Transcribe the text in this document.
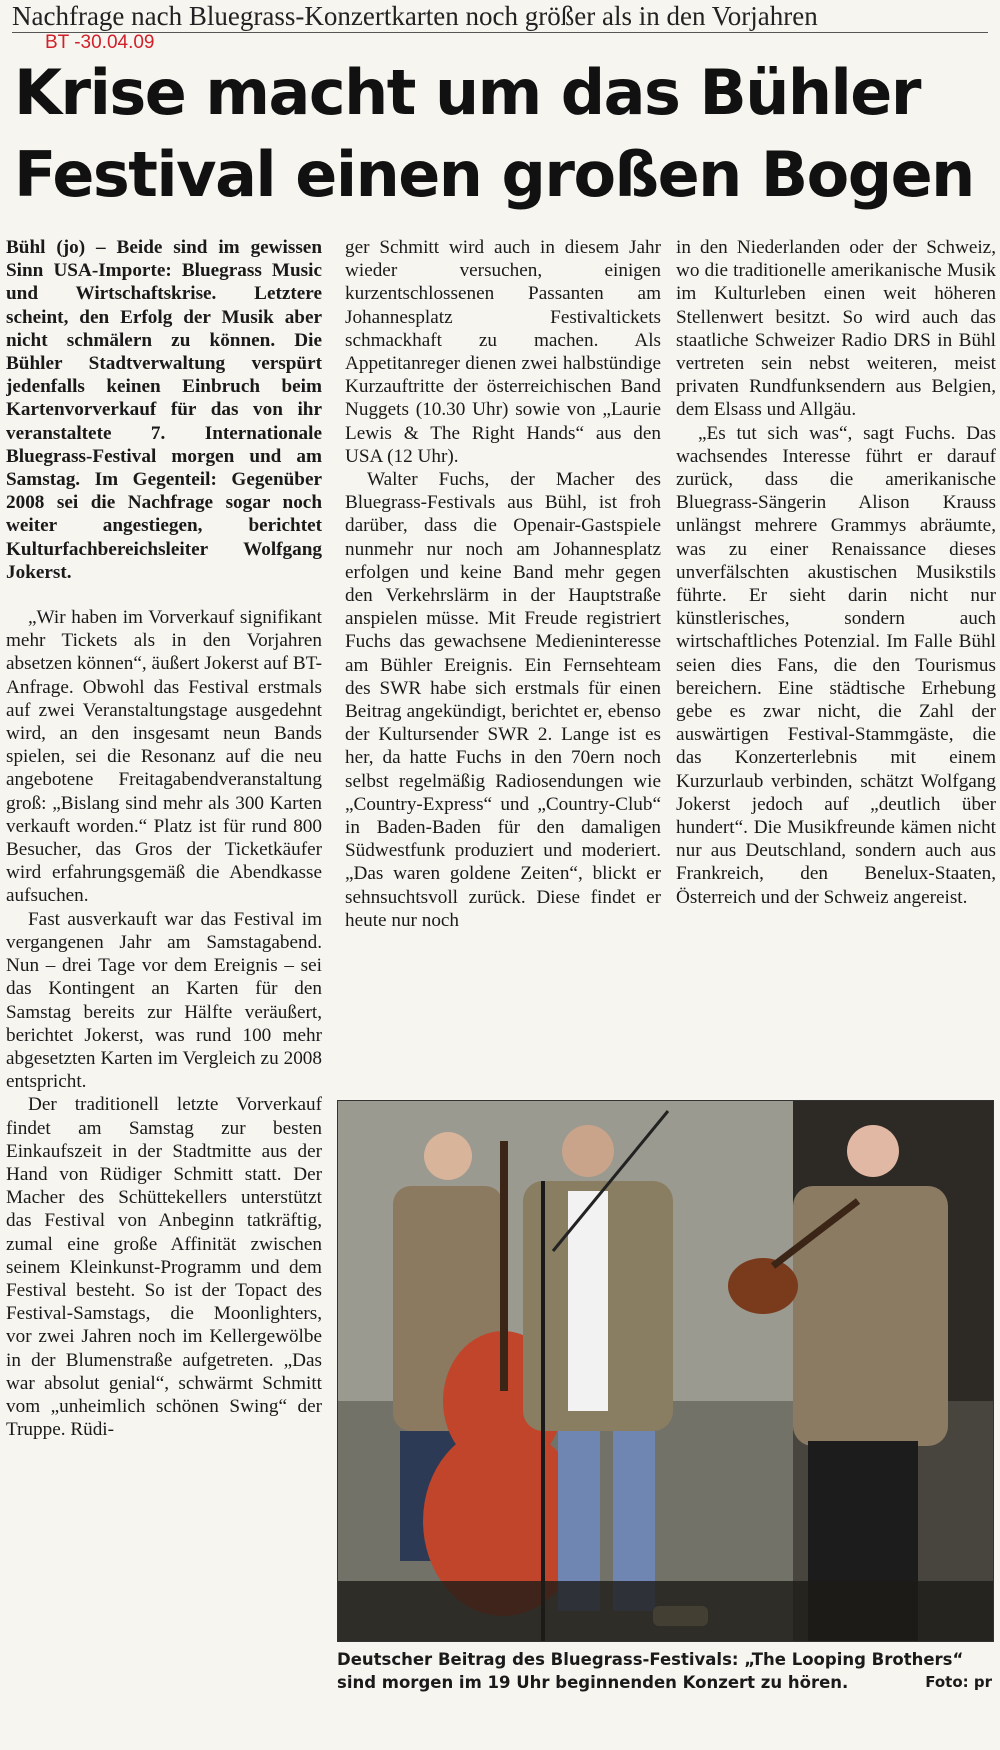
Nachfrage nach Bluegrass-Konzertkarten noch größer als in den Vorjahren
BT -30.04.09
Krise macht um das Bühler
Festival einen großen Bogen

Bühl (jo) – Beide sind im gewissen Sinn USA-Importe: Bluegrass Music und Wirtschaftskrise. Letztere scheint, den Erfolg der Musik aber nicht schmälern zu können. Die Bühler Stadtverwaltung verspürt jedenfalls keinen Einbruch beim Kartenvorverkauf für das von ihr veranstaltete 7. Internationale Bluegrass-Festival morgen und am Samstag. Im Gegenteil: Gegenüber 2008 sei die Nachfrage sogar noch weiter angestiegen, berichtet Kulturfachbereichsleiter Wolfgang Jokerst.

„Wir haben im Vorverkauf signifikant mehr Tickets als in den Vorjahren absetzen können“, äußert Jokerst auf BT-Anfrage. Obwohl das Festival erstmals auf zwei Veranstaltungstage ausgedehnt wird, an den insgesamt neun Bands spielen, sei die Resonanz auf die neu angebotene Freitagabendveranstaltung groß: „Bislang sind mehr als 300 Karten verkauft worden.“ Platz ist für rund 800 Besucher, das Gros der Ticketkäufer wird erfahrungsgemäß die Abendkasse aufsuchen.

Fast ausverkauft war das Festival im vergangenen Jahr am Samstagabend. Nun – drei Tage vor dem Ereignis – sei das Kontingent an Karten für den Samstag bereits zur Hälfte veräußert, berichtet Jokerst, was rund 100 mehr abgesetzten Karten im Vergleich zu 2008 entspricht.

Der traditionell letzte Vorverkauf findet am Samstag zur besten Einkaufszeit in der Stadtmitte aus der Hand von Rüdiger Schmitt statt. Der Macher des Schüttekellers unterstützt das Festival von Anbeginn tatkräftig, zumal eine große Affinität zwischen seinem Kleinkunst-Programm und dem Festival besteht. So ist der Topact des Festival-Samstags, die Moonlighters, vor zwei Jahren noch im Kellergewölbe in der Blumenstraße aufgetreten. „Das war absolut genial“, schwärmt Schmitt vom „unheimlich schönen Swing“ der Truppe. Rüdi-

ger Schmitt wird auch in diesem Jahr wieder versuchen, einigen kurzentschlossenen Passanten am Johannesplatz Festivaltickets schmackhaft zu machen. Als Appetitanreger dienen zwei halbstündige Kurzauftritte der österreichischen Band Nuggets (10.30 Uhr) sowie von „Laurie Lewis & The Right Hands“ aus den USA (12 Uhr).

Walter Fuchs, der Macher des Bluegrass-Festivals aus Bühl, ist froh darüber, dass die Openair-Gastspiele nunmehr nur noch am Johannesplatz erfolgen und keine Band mehr gegen den Verkehrslärm in der Hauptstraße anspielen müsse. Mit Freude registriert Fuchs das gewachsene Medieninteresse am Bühler Ereignis. Ein Fernsehteam des SWR habe sich erstmals für einen Beitrag angekündigt, berichtet er, ebenso der Kultursender SWR 2. Lange ist es her, da hatte Fuchs in den 70ern noch selbst regelmäßig Radiosendungen wie „Country-Express“ und „Country-Club“ in Baden-Baden für den damaligen Südwestfunk produziert und moderiert. „Das waren goldene Zeiten“, blickt er sehnsuchtsvoll zurück. Diese findet er heute nur noch

in den Niederlanden oder der Schweiz, wo die traditionelle amerikanische Musik im Kulturleben einen weit höheren Stellenwert besitzt. So wird auch das staatliche Schweizer Radio DRS in Bühl vertreten sein nebst weiteren, meist privaten Rundfunksendern aus Belgien, dem Elsass und Allgäu.

„Es tut sich was“, sagt Fuchs. Das wachsendes Interesse führt er darauf zurück, dass die amerikanische Bluegrass-Sängerin Alison Krauss unlängst mehrere Grammys abräumte, was zu einer Renaissance dieses unverfälschten akustischen Musikstils führte. Er sieht darin nicht nur künstlerisches, sondern auch wirtschaftliches Potenzial. Im Falle Bühl seien dies Fans, die den Tourismus bereichern. Eine städtische Erhebung gebe es zwar nicht, die Zahl der auswärtigen Festival-Stammgäste, die das Konzerterlebnis mit einem Kurzurlaub verbinden, schätzt Wolfgang Jokerst jedoch auf „deutlich über hundert“. Die Musikfreunde kämen nicht nur aus Deutschland, sondern auch aus Frankreich, den Benelux-Staaten, Österreich und der Schweiz angereist.

Deutscher Beitrag des Bluegrass-Festivals: „The Looping Brothers“ sind morgen im 19 Uhr beginnenden Konzert zu hören.	Foto: pr
